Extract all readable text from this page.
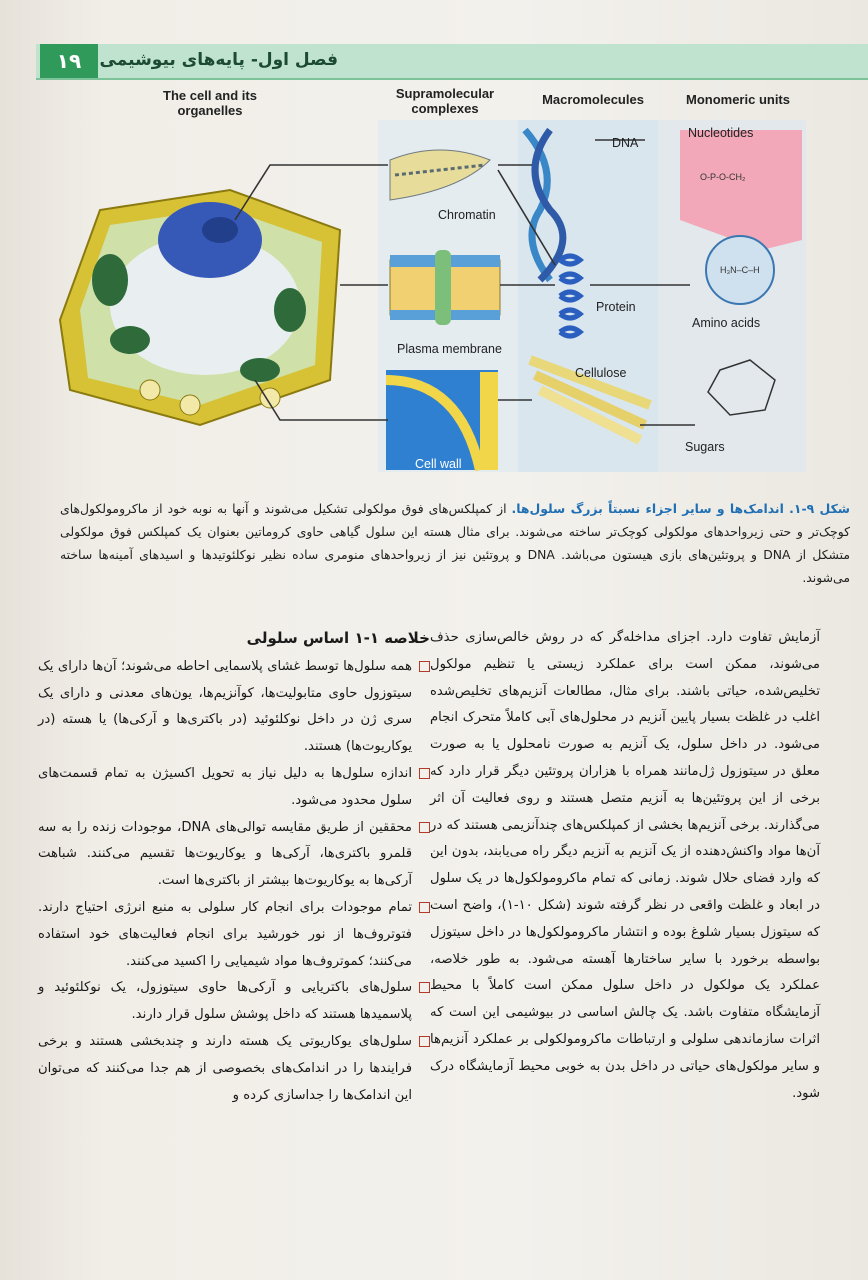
۱۹	فصل اول- پایه‌های بیوشیمی
O-P-O-CH₂
H₃N–C–H
The cell and its organelles
Supramolecular complexes
Macromolecules	Monomeric units
Chromatin
Plasma membrane
Cell wall
DNA
Protein
Cellulose
Nucleotides
Amino acids
Sugars
شکل ۹-۱. اندامک‌ها و سایر اجزاء نسبتاً بزرگ سلول‌ها. از کمپلکس‌های فوق مولکولی تشکیل می‌شوند و آنها به نوبه خود از ماکرومولکول‌های کوچک‌تر و حتی زیرواحدهای مولکولی کوچک‌تر ساخته می‌شوند. برای مثال هسته این سلول گیاهی حاوی کروماتین بعنوان یک کمپلکس فوق مولکولی متشکل از DNA و پروتئین‌های بازی هیستون می‌باشد. DNA و پروتئین نیز از زیرواحدهای منومری ساده نظیر نوکلئوتیدها و اسیدهای آمینه‌ها ساخته می‌شوند.

آزمایش تفاوت دارد. اجزای مداخله‌گر که در روش خالص‌سازی حذف می‌شوند، ممکن است برای عملکرد زیستی یا تنظیم مولکول تخلیص‌شده، حیاتی باشند. برای مثال، مطالعات آنزیم‌های تخلیص‌شده اغلب در غلظت بسیار پایین آنزیم در محلول‌های آبی کاملاً متحرک انجام می‌شود. در داخل سلول، یک آنزیم به صورت نامحلول یا به صورت معلق در سیتوزول ژل‌مانند همراه با هزاران پروتئین دیگر قرار دارد که برخی از این پروتئین‌ها به آنزیم متصل هستند و روی فعالیت آن اثر می‌گذارند. برخی آنزیم‌ها بخشی از کمپلکس‌های چندآنزیمی هستند که در آن‌ها مواد واکنش‌دهنده از یک آنزیم به آنزیم دیگر راه می‌یابند، بدون این که وارد فضای حلال شوند. زمانی که تمام ماکرومولکول‌ها در یک سلول در ابعاد و غلظت واقعی در نظر گرفته شوند (شکل ۱۰-۱)، واضح است که سیتوزل بسیار شلوغ بوده و انتشار ماکرومولکول‌ها در داخل سیتوزل بواسطه برخورد با سایر ساختارها آهسته می‌شود. به طور خلاصه، عملکرد یک مولکول در داخل سلول ممکن است کاملاً با محیط آزمایشگاه متفاوت باشد. یک چالش اساسی در بیوشیمی این است که اثرات سازماندهی سلولی و ارتباطات ماکرومولکولی بر عملکرد آنزیم‌ها و سایر مولکول‌های حیاتی در داخل بدن به خوبی محیط آزمایشگاه درک شود.

خلاصه ۱-۱ اساس سلولی

همه سلول‌ها توسط غشای پلاسمایی احاطه می‌شوند؛ آن‌ها دارای یک سیتوزول حاوی متابولیت‌ها، کوآنزیم‌ها، یون‌های معدنی و دارای یک سری ژن در داخل نوکلئوئید (در باکتری‌ها و آرکی‌ها) یا هسته (در یوکاریوت‌ها) هستند.

اندازه سلول‌ها به دلیل نیاز به تحویل اکسیژن به تمام قسمت‌های سلول محدود می‌شود.

محققین از طریق مقایسه توالی‌های DNA، موجودات زنده را به سه قلمرو باکتری‌ها، آرکی‌ها و یوکاریوت‌ها تقسیم می‌کنند. شباهت آرکی‌ها به یوکاریوت‌ها بیشتر از باکتری‌ها است.

تمام موجودات برای انجام کار سلولی به منبع انرژی احتیاج دارند. فتوتروف‌ها از نور خورشید برای انجام فعالیت‌های خود استفاده می‌کنند؛ کموتروف‌ها مواد شیمیایی را اکسید می‌کنند.

سلول‌های باکتریایی و آرکی‌ها حاوی سیتوزول، یک نوکلئوئید و پلاسمیدها هستند که داخل پوشش سلول قرار دارند.

سلول‌های یوکاریوتی یک هسته دارند و چندبخشی هستند و برخی فرایندها را در اندامک‌های بخصوصی از هم جدا می‌کنند که می‌توان این اندامک‌ها را جداسازی کرده و
